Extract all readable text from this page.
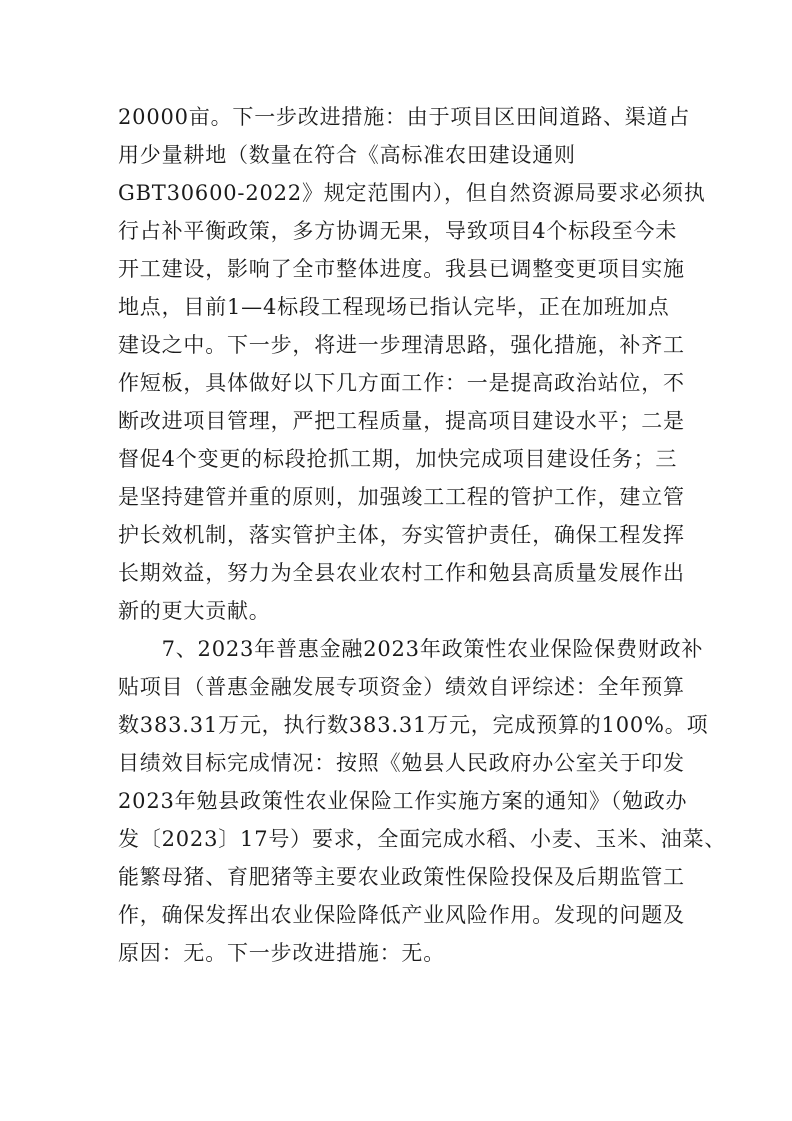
20000亩。下一步改进措施：由于项目区田间道路、渠道占
用少量耕地（数量在符合《高标准农田建设通则
GBT30600-2022》规定范围内），但自然资源局要求必须执
行占补平衡政策，多方协调无果，导致项目4个标段至今未
开工建设，影响了全市整体进度。我县已调整变更项目实施
地点，目前1—4标段工程现场已指认完毕，正在加班加点
建设之中。下一步，将进一步理清思路，强化措施，补齐工
作短板，具体做好以下几方面工作：一是提高政治站位，不
断改进项目管理，严把工程质量，提高项目建设水平；二是
督促4个变更的标段抢抓工期，加快完成项目建设任务；三
是坚持建管并重的原则，加强竣工工程的管护工作，建立管
护长效机制，落实管护主体，夯实管护责任，确保工程发挥
长期效益，努力为全县农业农村工作和勉县高质量发展作出
新的更大贡献。
　　7、2023年普惠金融2023年政策性农业保险保费财政补
贴项目（普惠金融发展专项资金）绩效自评综述：全年预算
数383.31万元，执行数383.31万元，完成预算的100%。项
目绩效目标完成情况：按照《勉县人民政府办公室关于印发
2023年勉县政策性农业保险工作实施方案的通知》（勉政办
发〔2023〕17号）要求，全面完成水稻、小麦、玉米、油菜、
能繁母猪、育肥猪等主要农业政策性保险投保及后期监管工
作，确保发挥出农业保险降低产业风险作用。发现的问题及
原因：无。下一步改进措施：无。
